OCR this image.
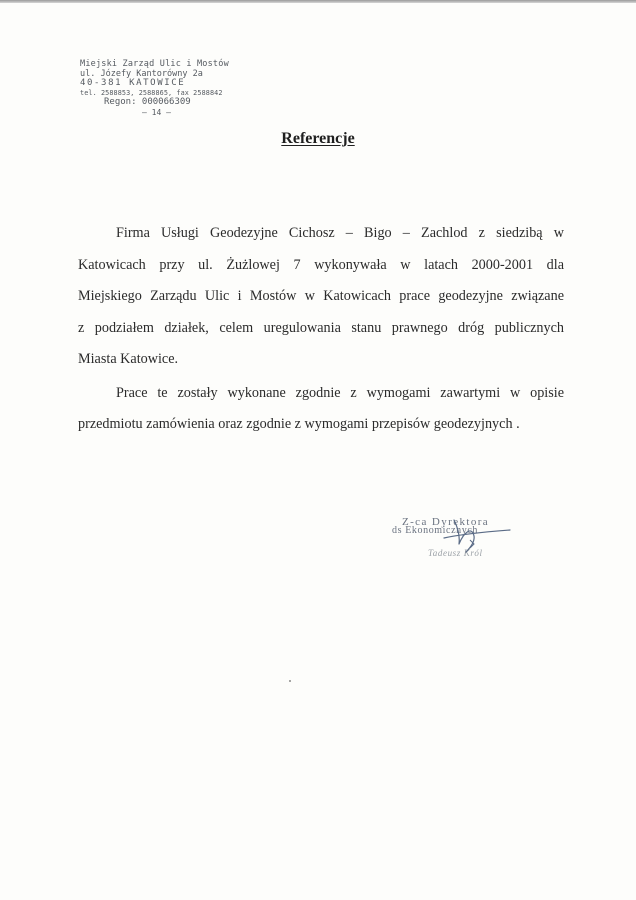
Miejski Zarząd Ulic i Mostów
ul. Józefy Kantorówny 2a
40-381 KATOWICE
tel. 2588853, 2588865, fax 2588842
Regon: 000066309
— 14 —
Referencje
Firma Usługi Geodezyjne Cichosz – Bigo – Zachlod z siedzibą w
Katowicach przy ul. Żużlowej 7 wykonywała w latach 2000-2001 dla
Miejskiego Zarządu Ulic i Mostów w Katowicach prace geodezyjne związane
z podziałem działek, celem uregulowania stanu prawnego dróg publicznych
Miasta Katowice.
Prace te zostały wykonane zgodnie z wymogami zawartymi w opisie
przedmiotu zamówienia oraz zgodnie z wymogami przepisów geodezyjnych .
Z-ca Dyrektora
ds Ekonomicznych
Tadeusz Król
